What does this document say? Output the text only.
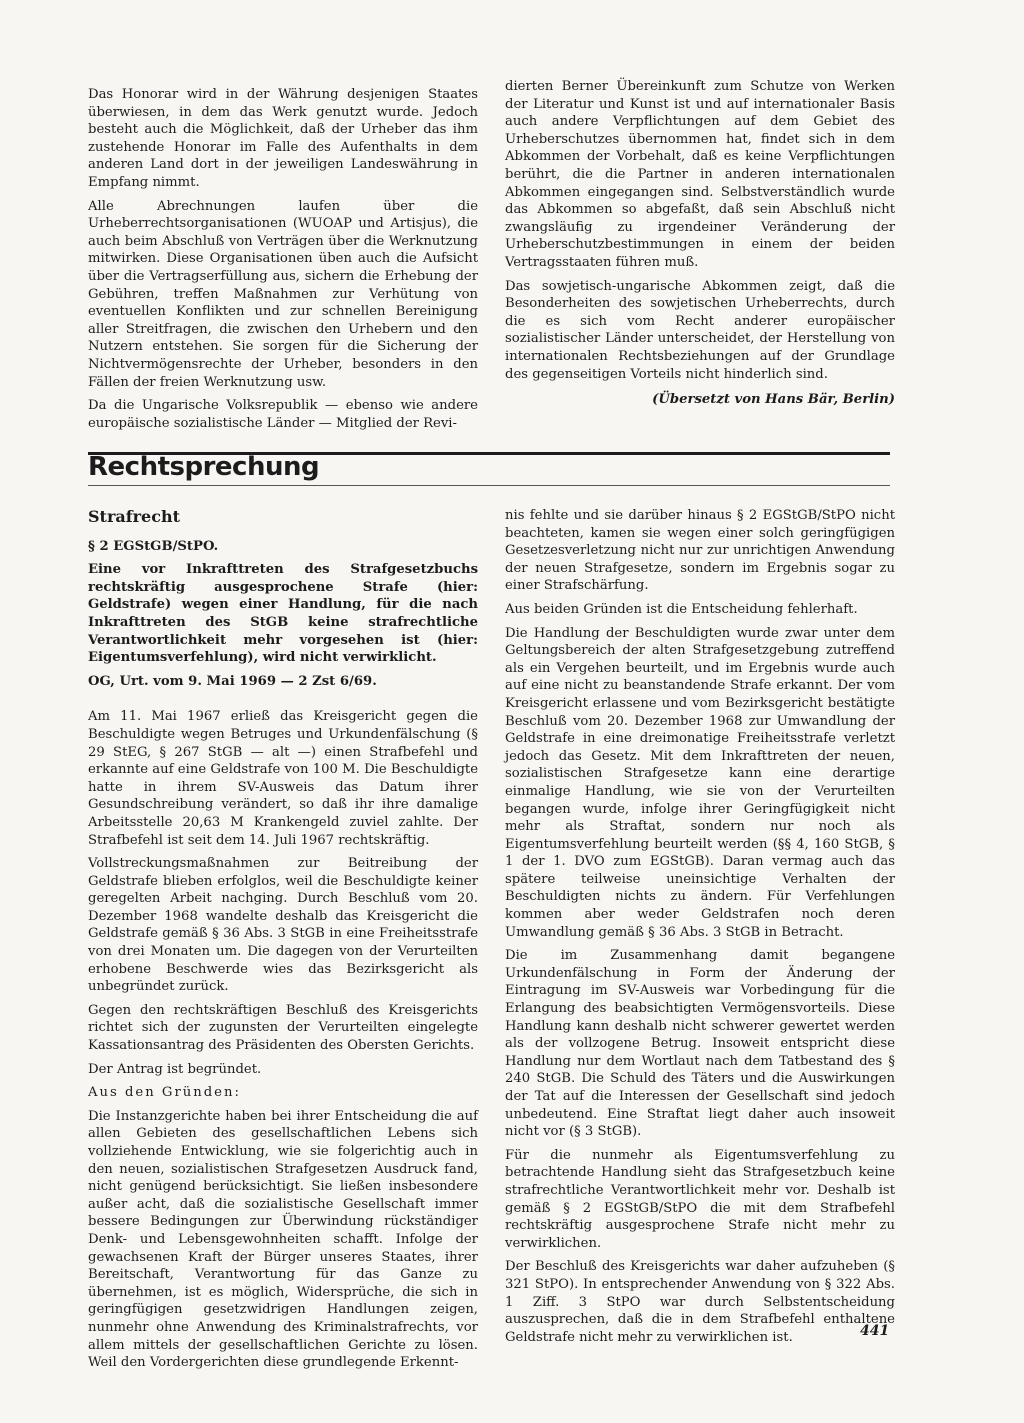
Das Honorar wird in der Währung desjenigen Staates überwiesen, in dem das Werk genutzt wurde. Jedoch besteht auch die Möglichkeit, daß der Urheber das ihm zustehende Honorar im Falle des Aufenthalts in dem anderen Land dort in der jeweiligen Landeswährung in Empfang nimmt.

Alle Abrechnungen laufen über die Urheberrechtsorganisationen (WUOAP und Artisjus), die auch beim Abschluß von Verträgen über die Werknutzung mitwirken. Diese Organisationen üben auch die Aufsicht über die Vertragserfüllung aus, sichern die Erhebung der Gebühren, treffen Maßnahmen zur Verhütung von eventuellen Konflikten und zur schnellen Bereinigung aller Streitfragen, die zwischen den Urhebern und den Nutzern entstehen. Sie sorgen für die Sicherung der Nichtvermögensrechte der Urheber, besonders in den Fällen der freien Werknutzung usw.

Da die Ungarische Volksrepublik — ebenso wie andere europäische sozialistische Länder — Mitglied der Revi-

dierten Berner Übereinkunft zum Schutze von Werken der Literatur und Kunst ist und auf internationaler Basis auch andere Verpflichtungen auf dem Gebiet des Urheberschutzes übernommen hat, findet sich in dem Abkommen der Vorbehalt, daß es keine Verpflichtungen berührt, die die Partner in anderen internationalen Abkommen eingegangen sind. Selbstverständlich wurde das Abkommen so abgefaßt, daß sein Abschluß nicht zwangsläufig zu irgendeiner Veränderung der Urheberschutzbestimmungen in einem der beiden Vertragsstaaten führen muß.

Das sowjetisch-ungarische Abkommen zeigt, daß die Besonderheiten des sowjetischen Urheberrechts, durch die es sich vom Recht anderer europäischer sozialistischer Länder unterscheidet, der Herstellung von internationalen Rechtsbeziehungen auf der Grundlage des gegenseitigen Vorteils nicht hinderlich sind.

(Übersetzt von Hans Bär, Berlin)

Rechtsprechung

Strafrecht

§ 2 EGStGB/StPO.

Eine vor Inkrafttreten des Strafgesetzbuchs rechtskräftig ausgesprochene Strafe (hier: Geldstrafe) wegen einer Handlung, für die nach Inkrafttreten des StGB keine strafrechtliche Verantwortlichkeit mehr vorgesehen ist (hier: Eigentumsverfehlung), wird nicht verwirklicht.

OG, Urt. vom 9. Mai 1969 — 2 Zst 6/69.

Am 11. Mai 1967 erließ das Kreisgericht gegen die Beschuldigte wegen Betruges und Urkundenfälschung (§ 29 StEG, § 267 StGB — alt —) einen Strafbefehl und erkannte auf eine Geldstrafe von 100 M. Die Beschuldigte hatte in ihrem SV-Ausweis das Datum ihrer Gesundschreibung verändert, so daß ihr ihre damalige Arbeitsstelle 20,63 M Krankengeld zuviel zahlte. Der Strafbefehl ist seit dem 14. Juli 1967 rechtskräftig.

Vollstreckungsmaßnahmen zur Beitreibung der Geldstrafe blieben erfolglos, weil die Beschuldigte keiner geregelten Arbeit nachging. Durch Beschluß vom 20. Dezember 1968 wandelte deshalb das Kreisgericht die Geldstrafe gemäß § 36 Abs. 3 StGB in eine Freiheitsstrafe von drei Monaten um. Die dagegen von der Verurteilten erhobene Beschwerde wies das Bezirksgericht als unbegründet zurück.

Gegen den rechtskräftigen Beschluß des Kreisgerichts richtet sich der zugunsten der Verurteilten eingelegte Kassationsantrag des Präsidenten des Obersten Gerichts.

Der Antrag ist begründet.

Aus den Gründen:

Die Instanzgerichte haben bei ihrer Entscheidung die auf allen Gebieten des gesellschaftlichen Lebens sich vollziehende Entwicklung, wie sie folgerichtig auch in den neuen, sozialistischen Strafgesetzen Ausdruck fand, nicht genügend berücksichtigt. Sie ließen insbesondere außer acht, daß die sozialistische Gesellschaft immer bessere Bedingungen zur Überwindung rückständiger Denk- und Lebensgewohnheiten schafft. Infolge der gewachsenen Kraft der Bürger unseres Staates, ihrer Bereitschaft, Verantwortung für das Ganze zu übernehmen, ist es möglich, Widersprüche, die sich in geringfügigen gesetzwidrigen Handlungen zeigen, nunmehr ohne Anwendung des Kriminalstrafrechts, vor allem mittels der gesellschaftlichen Gerichte zu lösen. Weil den Vordergerichten diese grundlegende Erkennt-

nis fehlte und sie darüber hinaus § 2 EGStGB/StPO nicht beachteten, kamen sie wegen einer solch geringfügigen Gesetzesverletzung nicht nur zur unrichtigen Anwendung der neuen Strafgesetze, sondern im Ergebnis sogar zu einer Strafschärfung.

Aus beiden Gründen ist die Entscheidung fehlerhaft.

Die Handlung der Beschuldigten wurde zwar unter dem Geltungsbereich der alten Strafgesetzgebung zutreffend als ein Vergehen beurteilt, und im Ergebnis wurde auch auf eine nicht zu beanstandende Strafe erkannt. Der vom Kreisgericht erlassene und vom Bezirksgericht bestätigte Beschluß vom 20. Dezember 1968 zur Umwandlung der Geldstrafe in eine dreimonatige Freiheitsstrafe verletzt jedoch das Gesetz. Mit dem Inkrafttreten der neuen, sozialistischen Strafgesetze kann eine derartige einmalige Handlung, wie sie von der Verurteilten begangen wurde, infolge ihrer Geringfügigkeit nicht mehr als Straftat, sondern nur noch als Eigentumsverfehlung beurteilt werden (§§ 4, 160 StGB, § 1 der 1. DVO zum EGStGB). Daran vermag auch das spätere teilweise uneinsichtige Verhalten der Beschuldigten nichts zu ändern. Für Verfehlungen kommen aber weder Geldstrafen noch deren Umwandlung gemäß § 36 Abs. 3 StGB in Betracht.

Die im Zusammenhang damit begangene Urkundenfälschung in Form der Änderung der Eintragung im SV-Ausweis war Vorbedingung für die Erlangung des beabsichtigten Vermögensvorteils. Diese Handlung kann deshalb nicht schwerer gewertet werden als der vollzogene Betrug. Insoweit entspricht diese Handlung nur dem Wortlaut nach dem Tatbestand des § 240 StGB. Die Schuld des Täters und die Auswirkungen der Tat auf die Interessen der Gesellschaft sind jedoch unbedeutend. Eine Straftat liegt daher auch insoweit nicht vor (§ 3 StGB).

Für die nunmehr als Eigentumsverfehlung zu betrachtende Handlung sieht das Strafgesetzbuch keine strafrechtliche Verantwortlichkeit mehr vor. Deshalb ist gemäß § 2 EGStGB/StPO die mit dem Strafbefehl rechtskräftig ausgesprochene Strafe nicht mehr zu verwirklichen.

Der Beschluß des Kreisgerichts war daher aufzuheben (§ 321 StPO). In entsprechender Anwendung von § 322 Abs. 1 Ziff. 3 StPO war durch Selbstentscheidung auszusprechen, daß die in dem Strafbefehl enthaltene Geldstrafe nicht mehr zu verwirklichen ist.	441
